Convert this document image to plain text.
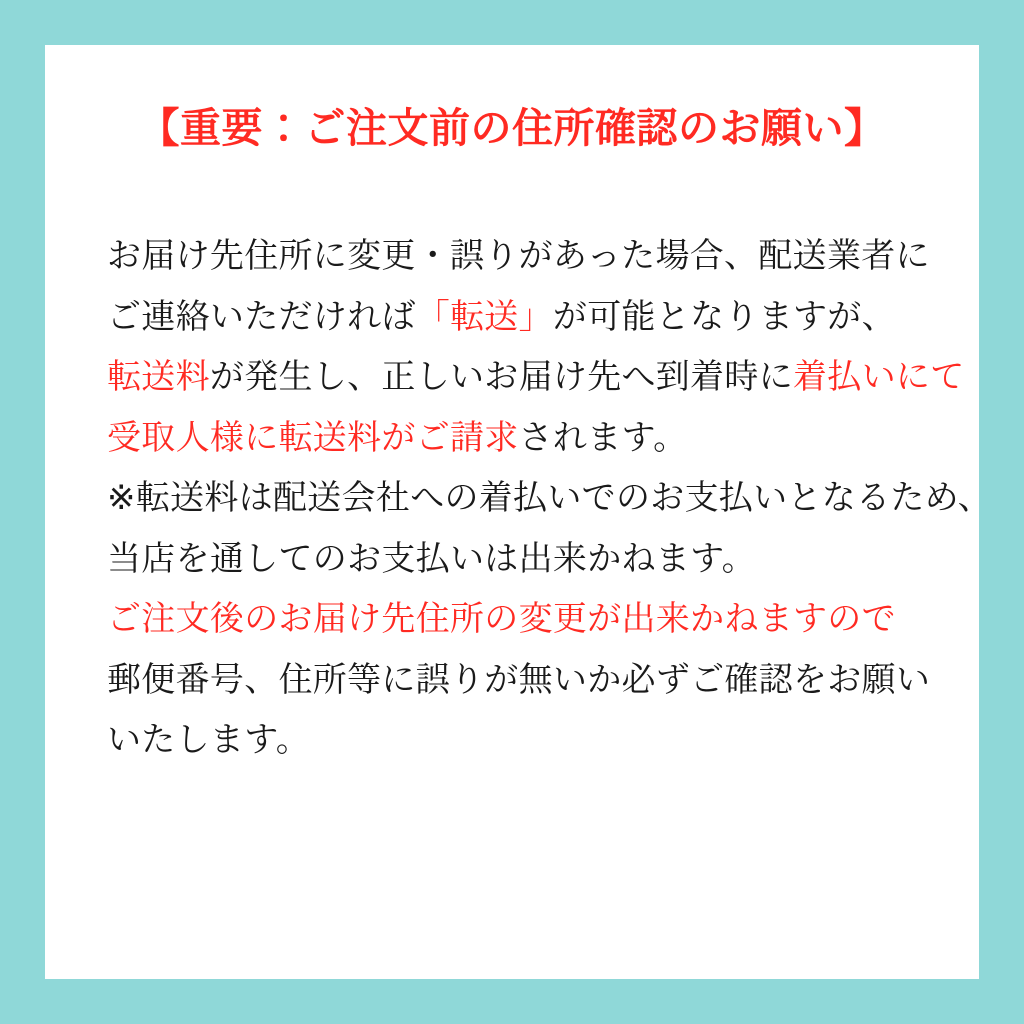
【重要：ご注文前の住所確認のお願い】
お届け先住所に変更・誤りがあった場合、配送業者に
ご連絡いただければ「転送」が可能となりますが、
転送料が発生し、正しいお届け先へ到着時に着払いにて
受取人様に転送料がご請求されます。
※転送料は配送会社への着払いでのお支払いとなるため、
当店を通してのお支払いは出来かねます。
ご注文後のお届け先住所の変更が出来かねますので
郵便番号、住所等に誤りが無いか必ずご確認をお願い
いたします。
